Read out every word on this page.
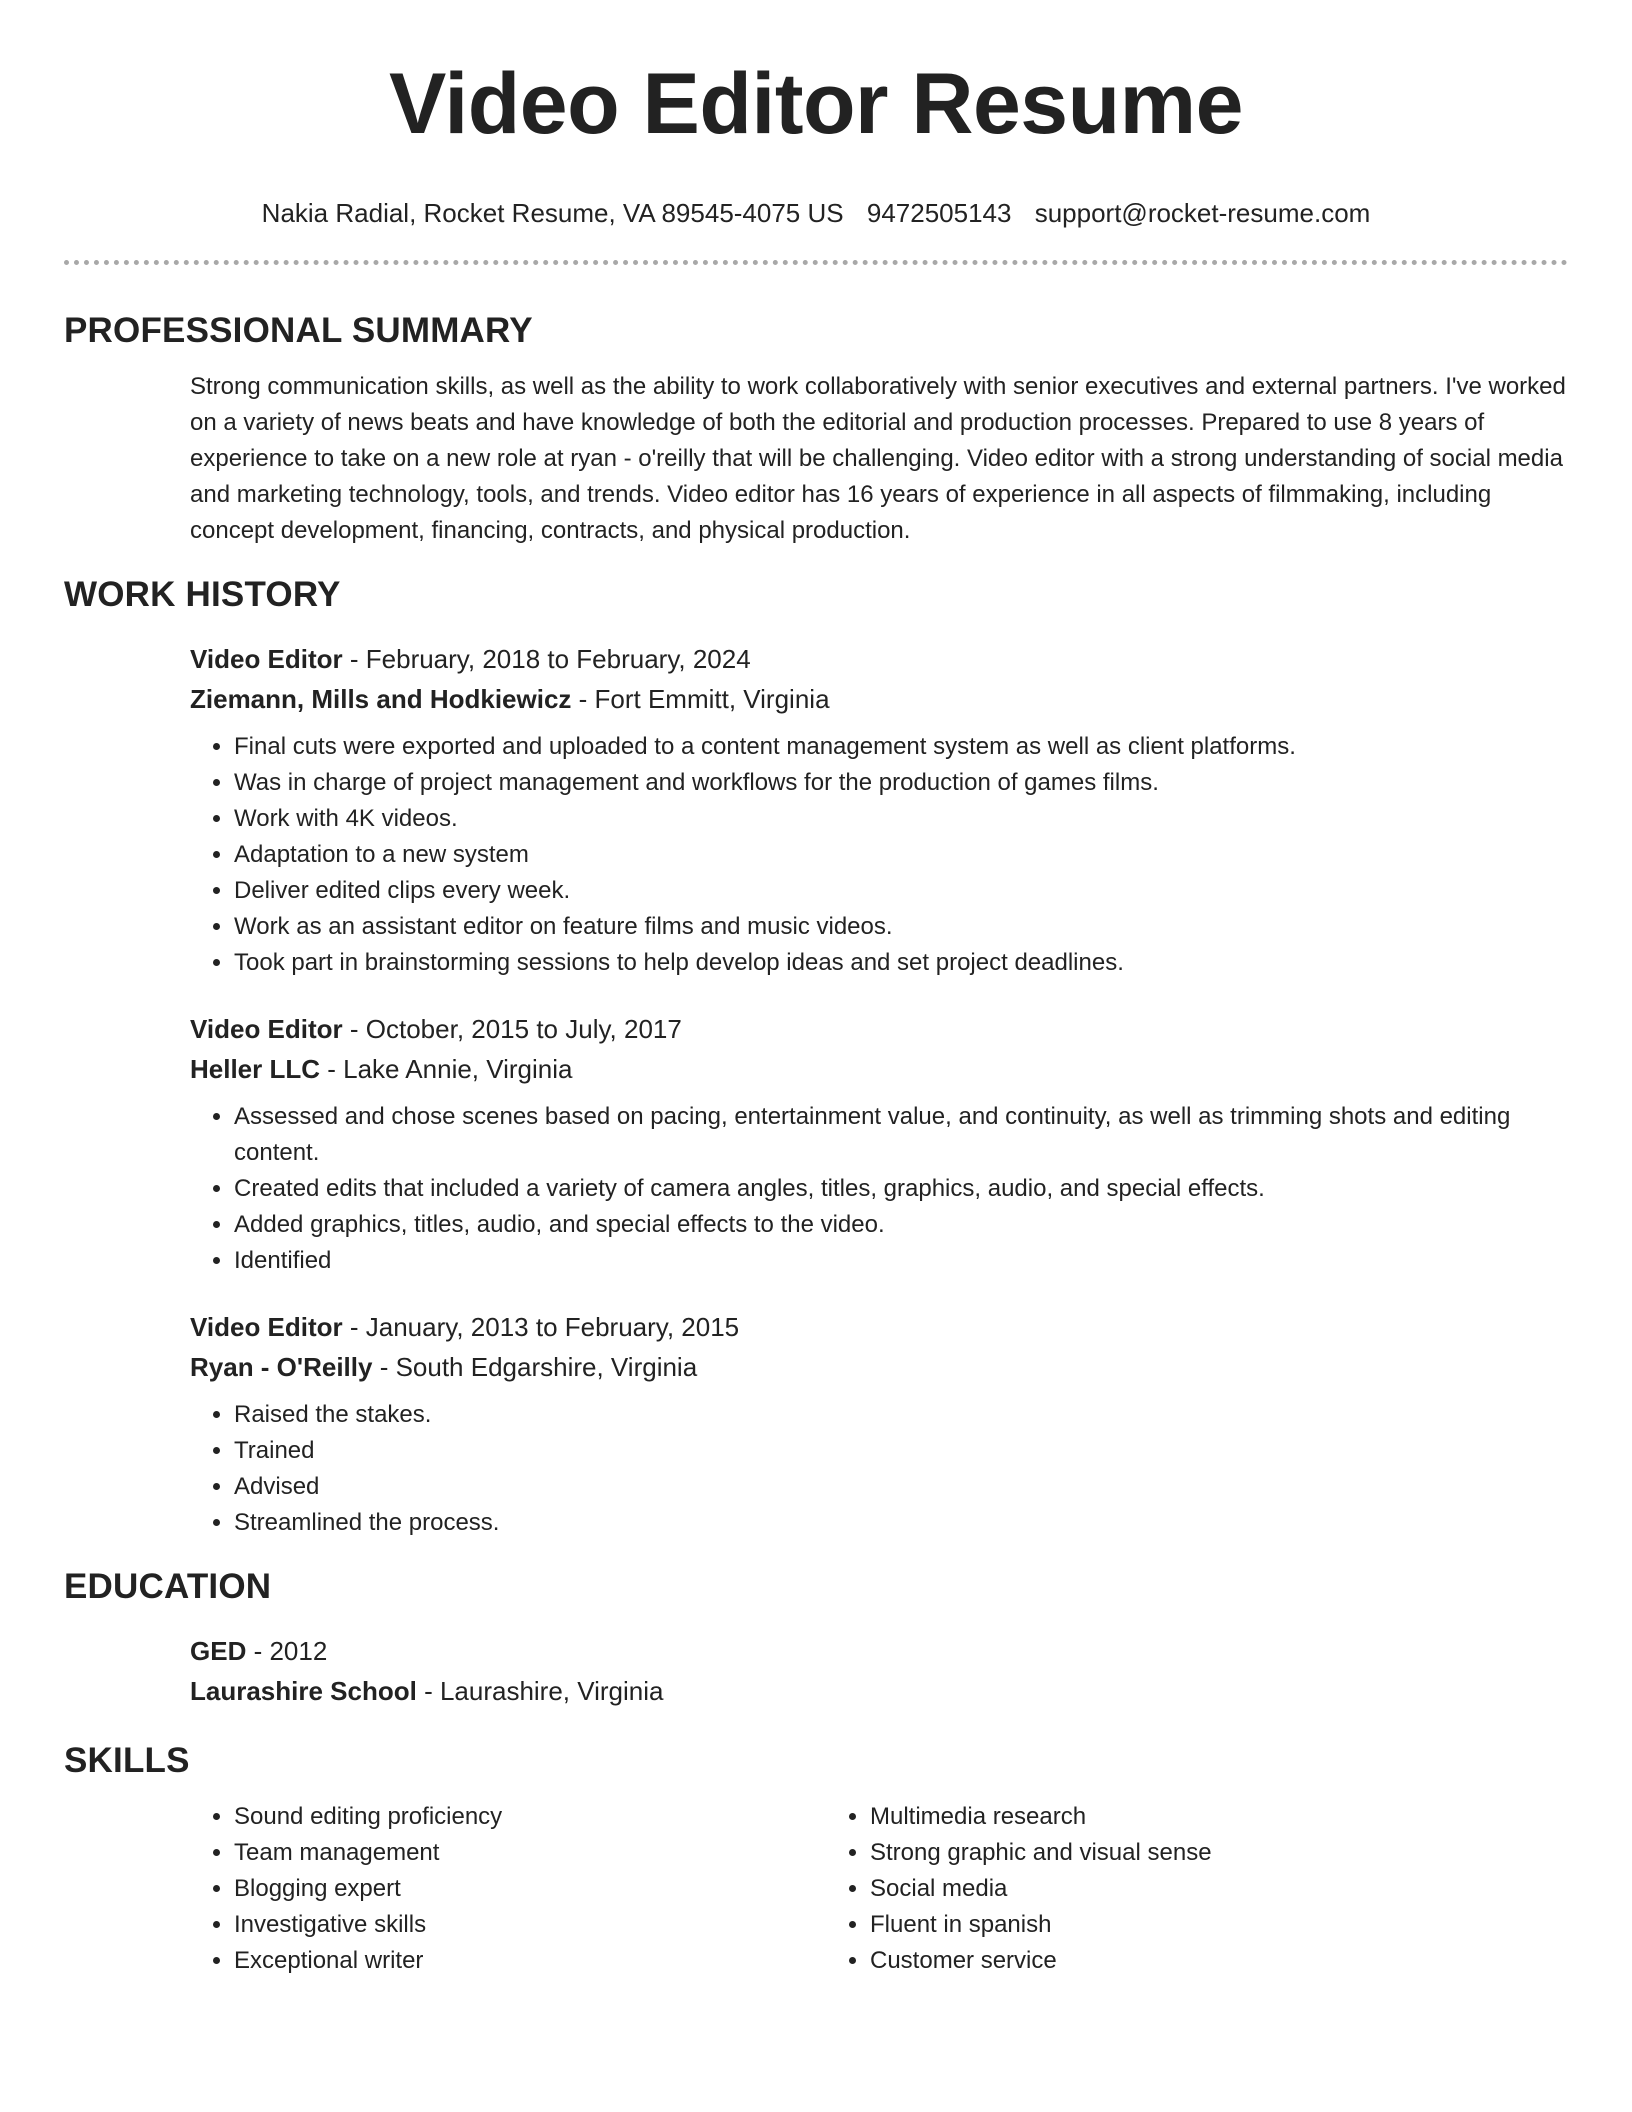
Video Editor Resume
Nakia Radial, Rocket Resume, VA 89545-4075 US 9472505143 support@rocket-resume.com
PROFESSIONAL SUMMARY

Strong communication skills, as well as the ability to work collaboratively with senior executives and external partners. I've worked on a variety of news beats and have knowledge of both the editorial and production processes. Prepared to use 8 years of experience to take on a new role at ryan - o'reilly that will be challenging. Video editor with a strong understanding of social media and marketing technology, tools, and trends. Video editor has 16 years of experience in all aspects of filmmaking, including concept development, financing, contracts, and physical production.

WORK HISTORY
Video Editor - February, 2018 to February, 2024
Ziemann, Mills and Hodkiewicz - Fort Emmitt, Virginia
• Final cuts were exported and uploaded to a content management system as well as client platforms.
• Was in charge of project management and workflows for the production of games films.
• Work with 4K videos.
• Adaptation to a new system
• Deliver edited clips every week.
• Work as an assistant editor on feature films and music videos.
• Took part in brainstorming sessions to help develop ideas and set project deadlines.
Video Editor - October, 2015 to July, 2017
Heller LLC - Lake Annie, Virginia
• Assessed and chose scenes based on pacing, entertainment value, and continuity, as well as trimming shots and editing content.
• Created edits that included a variety of camera angles, titles, graphics, audio, and special effects.
• Added graphics, titles, audio, and special effects to the video.
• Identified
Video Editor - January, 2013 to February, 2015
Ryan - O'Reilly - South Edgarshire, Virginia
• Raised the stakes.
• Trained
• Advised
• Streamlined the process.
EDUCATION
GED - 2012
Laurashire School - Laurashire, Virginia
SKILLS
• Sound editing proficiency
• Team management
• Blogging expert
• Investigative skills
• Exceptional writer
• Multimedia research
• Strong graphic and visual sense
• Social media
• Fluent in spanish
• Customer service
